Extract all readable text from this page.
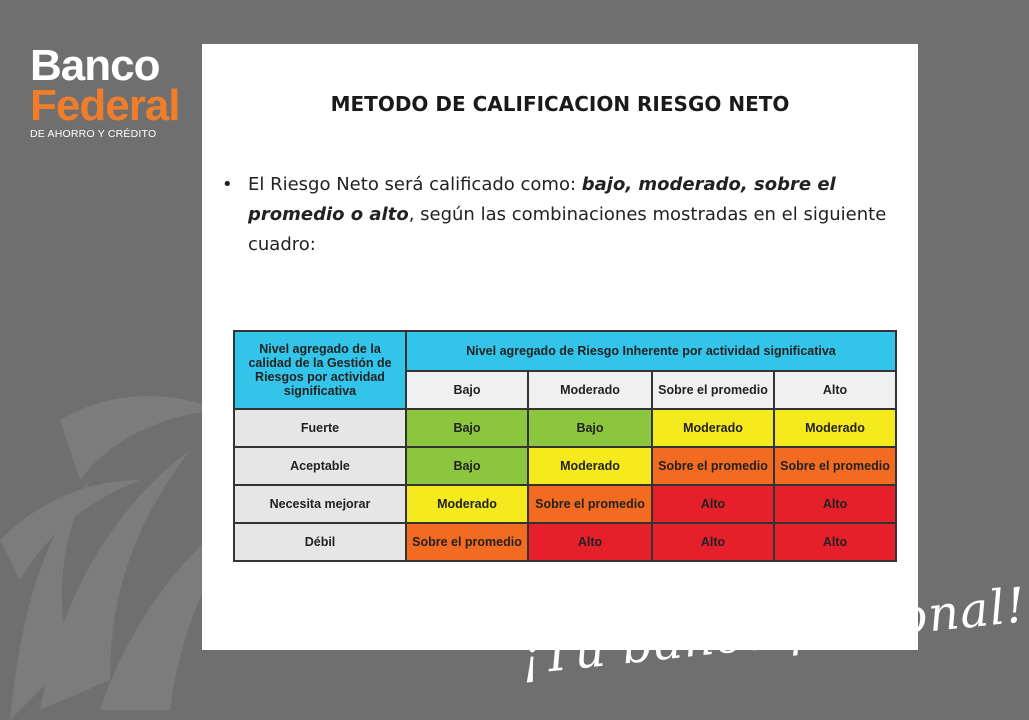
Banco
Federal
DE AHORRO Y CRÉDITO
METODO DE CALIFICACION RIESGO NETO
• El Riesgo Neto será calificado como: bajo, moderado, sobre el promedio o alto, según las combinaciones mostradas en el siguiente cuadro:
Nivel agregado de la calidad de la Gestión de Riesgos por actividad significativa	Nivel agregado de Riesgo Inherente por actividad significativa			
	Bajo	Moderado	Sobre el promedio	Alto
Fuerte	Bajo	Bajo	Moderado	Moderado
Aceptable	Bajo	Moderado	Sobre el promedio	Sobre el promedio
Necesita mejorar	Moderado	Sobre el promedio	Alto	Alto
Débil	Sobre el promedio	Alto	Alto	Alto
¡Tu banco personal!
